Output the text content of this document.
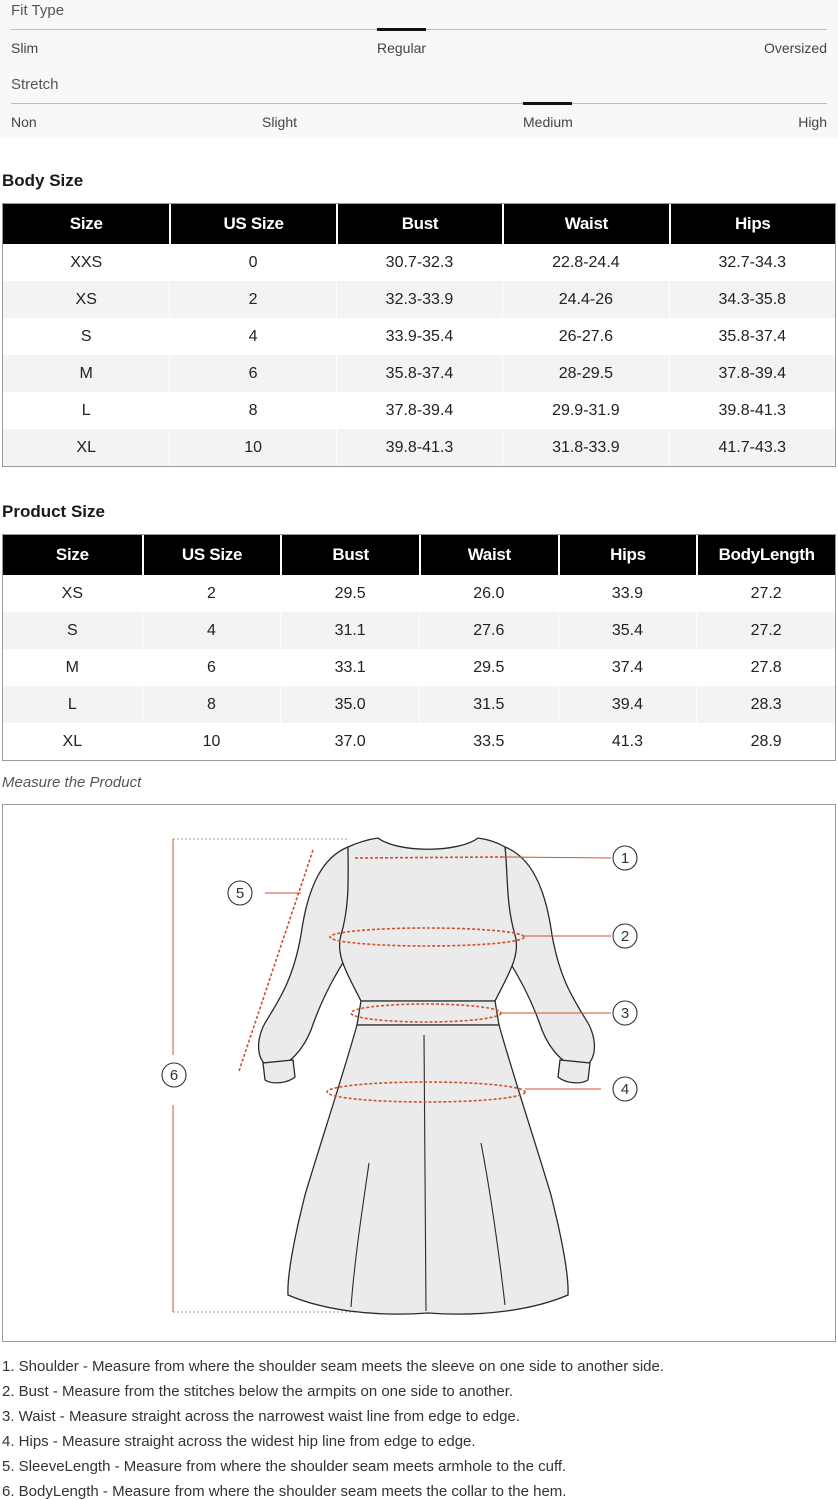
Fit Type
Slim	Regular	Oversized
Stretch
Non	Slight	Medium	High
Body Size
Size	US Size	Bust	Waist	Hips
XXS	0	30.7-32.3	22.8-24.4	32.7-34.3
XS	2	32.3-33.9	24.4-26	34.3-35.8
S	4	33.9-35.4	26-27.6	35.8-37.4
M	6	35.8-37.4	28-29.5	37.8-39.4
L	8	37.8-39.4	29.9-31.9	39.8-41.3
XL	10	39.8-41.3	31.8-33.9	41.7-43.3
Product Size
Size	US Size	Bust	Waist	Hips	BodyLength
XS	2	29.5	26.0	33.9	27.2
S	4	31.1	27.6	35.4	27.2
M	6	33.1	29.5	37.4	27.8
L	8	35.0	31.5	39.4	28.3
XL	10	37.0	33.5	41.3	28.9
Measure the Product
1
2
3
4
5
6
1. Shoulder - Measure from where the shoulder seam meets the sleeve on one side to another side.
2. Bust - Measure from the stitches below the armpits on one side to another.
3. Waist - Measure straight across the narrowest waist line from edge to edge.
4. Hips - Measure straight across the widest hip line from edge to edge.
5. SleeveLength - Measure from where the shoulder seam meets armhole to the cuff.
6. BodyLength - Measure from where the shoulder seam meets the collar to the hem.
